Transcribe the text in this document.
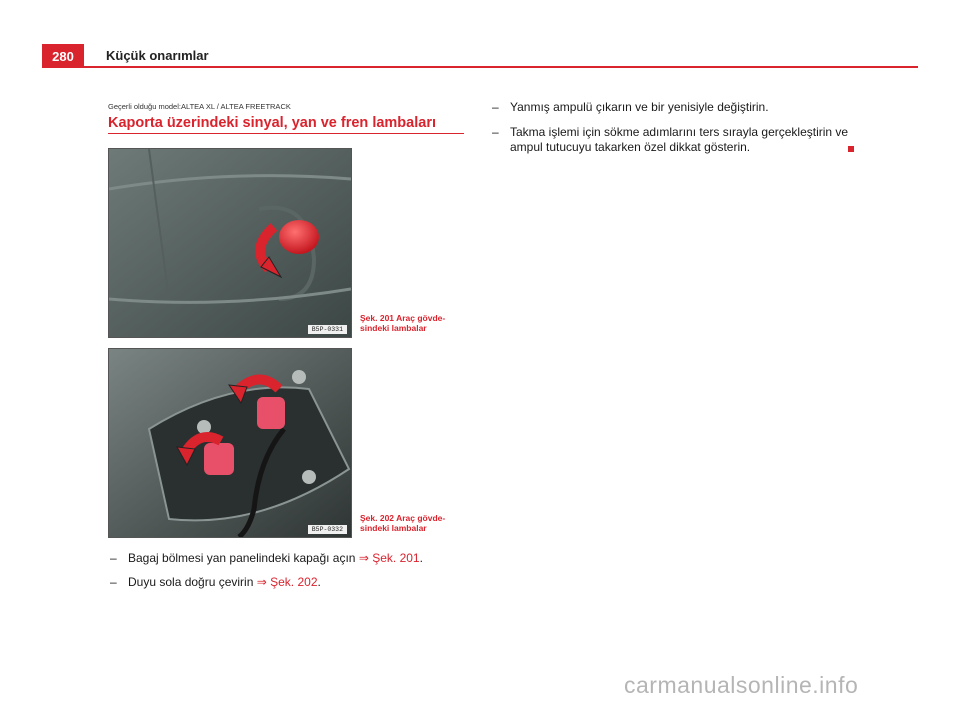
280	Küçük onarımlar
Geçerli olduğu model:ALTEA XL / ALTEA FREETRACK
Kaporta üzerindeki sinyal, yan ve fren lambaları
B5P-0331
Şek. 201 Araç gövde-
sindeki lambalar
B5P-0332
Şek. 202 Araç gövde-
sindeki lambalar
– Bagaj bölmesi yan panelindeki kapağı açın ⇒ Şek. 201.
– Duyu sola doğru çevirin ⇒ Şek. 202.
– Yanmış ampulü çıkarın ve bir yenisiyle değiştirin.
– Takma işlemi için sökme adımlarını ters sırayla gerçekleştirin ve ampul tutucuyu takarken özel dikkat gösterin.
carmanualsonline.info
